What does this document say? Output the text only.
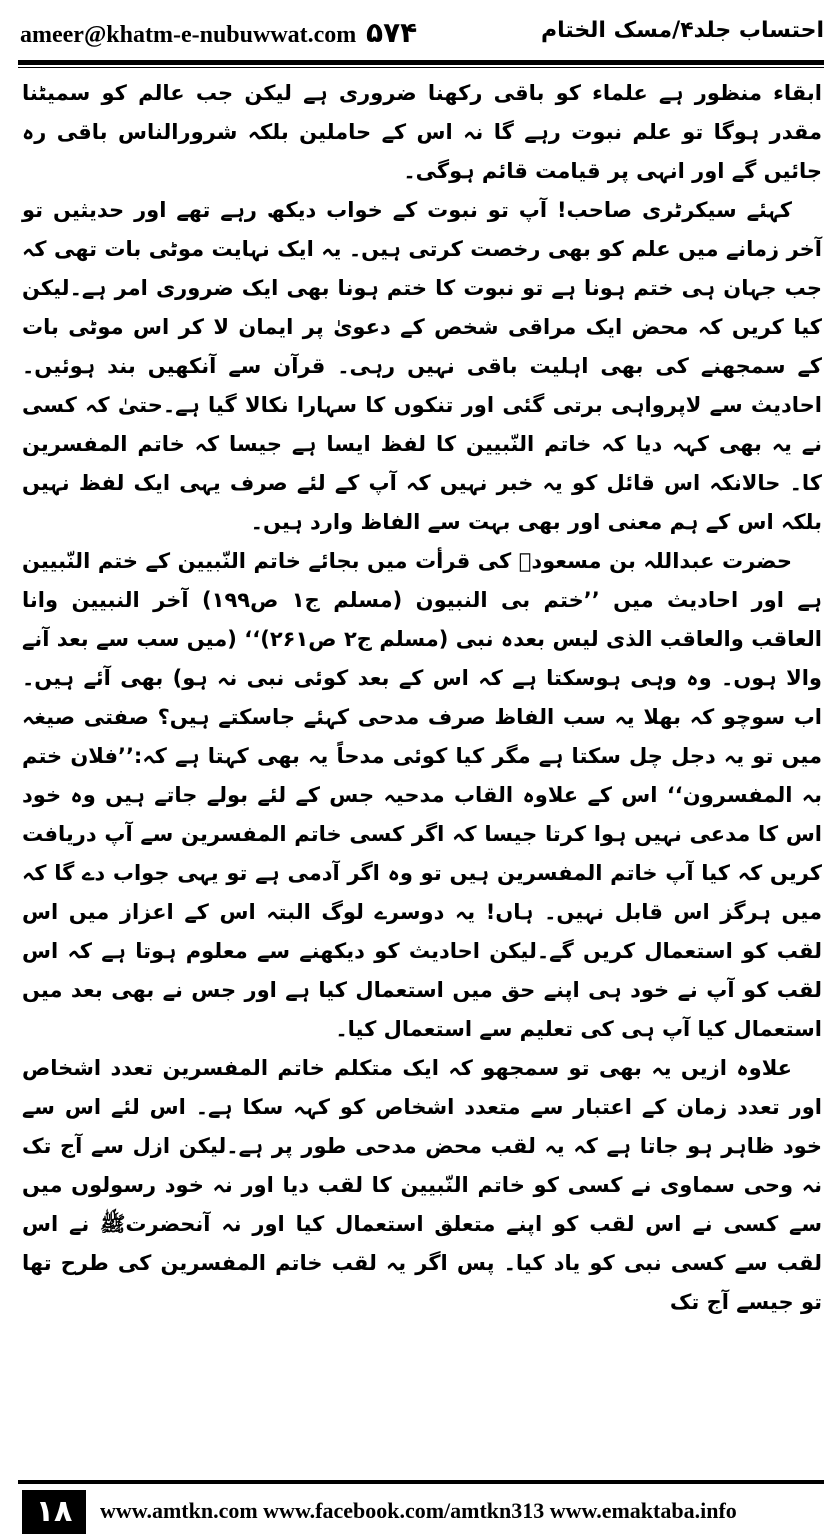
ameer@khatm-e-nubuwwat.com ۵۷۴	احتساب جلد۴/مسک الختام

ابقاء منظور ہے علماء کو باقی رکھنا ضروری ہے لیکن جب عالم کو سمیٹنا مقدر ہوگا تو علم نبوت رہے گا نہ اس کے حاملین بلکہ شرورالناس باقی رہ جائیں گے اور انہی پر قیامت قائم ہوگی۔

کہئے سیکرٹری صاحب! آپ تو نبوت کے خواب دیکھ رہے تھے اور حدیثیں تو آخر زمانے میں علم کو بھی رخصت کرتی ہیں۔ یہ ایک نہایت موٹی بات تھی کہ جب جہان ہی ختم ہونا ہے تو نبوت کا ختم ہونا بھی ایک ضروری امر ہے۔لیکن کیا کریں کہ محض ایک مراقی شخص کے دعویٰ پر ایمان لا کر اس موٹی بات کے سمجھنے کی بھی اہلیت باقی نہیں رہی۔ قرآن سے آنکھیں بند ہوئیں۔ احادیث سے لاپرواہی برتی گئی اور تنکوں کا سہارا نکالا گیا ہے۔حتیٰ کہ کسی نے یہ بھی کہہ دیا کہ خاتم النّبیین کا لفظ ایسا ہے جیسا کہ خاتم المفسرین کا۔ حالانکہ اس قائل کو یہ خبر نہیں کہ آپ کے لئے صرف یہی ایک لفظ نہیں بلکہ اس کے ہم معنی اور بھی بہت سے الفاظ وارد ہیں۔

حضرت عبداللہ بن مسعودؓ کی قرأت میں بجائے خاتم النّبیین کے ختم النّبیین ہے اور احادیث میں ’’ختم بی النبیون (مسلم ج۱ ص۱۹۹) آخر النبیین وانا العاقب والعاقب الذی لیس بعدہ نبی (مسلم ج۲ ص۲۶۱)‘‘ (میں سب سے بعد آنے والا ہوں۔ وہ وہی ہوسکتا ہے کہ اس کے بعد کوئی نبی نہ ہو) بھی آئے ہیں۔ اب سوچو کہ بھلا یہ سب الفاظ صرف مدحی کہئے جاسکتے ہیں؟ صفتی صیغہ میں تو یہ دجل چل سکتا ہے مگر کیا کوئی مدحاً یہ بھی کہتا ہے کہ:’’فلان ختم بہ المفسرون‘‘ اس کے علاوہ القاب مدحیہ جس کے لئے بولے جاتے ہیں وہ خود اس کا مدعی نہیں ہوا کرتا جیسا کہ اگر کسی خاتم المفسرین سے آپ دریافت کریں کہ کیا آپ خاتم المفسرین ہیں تو وہ اگر آدمی ہے تو یہی جواب دے گا کہ میں ہرگز اس قابل نہیں۔ ہاں! یہ دوسرے لوگ البتہ اس کے اعزاز میں اس لقب کو استعمال کریں گے۔لیکن احادیث کو دیکھنے سے معلوم ہوتا ہے کہ اس لقب کو آپ نے خود ہی اپنے حق میں استعمال کیا ہے اور جس نے بھی بعد میں استعمال کیا آپ ہی کی تعلیم سے استعمال کیا۔

علاوہ ازیں یہ بھی تو سمجھو کہ ایک متکلم خاتم المفسرین تعدد اشخاص اور تعدد زمان کے اعتبار سے متعدد اشخاص کو کہہ سکا ہے۔ اس لئے اس سے خود ظاہر ہو جاتا ہے کہ یہ لقب محض مدحی طور پر ہے۔لیکن ازل سے آج تک نہ وحی سماوی نے کسی کو خاتم النّبیین کا لقب دیا اور نہ خود رسولوں میں سے کسی نے اس لقب کو اپنے متعلق استعمال کیا اور نہ آنحضرتﷺ نے اس لقب سے کسی نبی کو یاد کیا۔ پس اگر یہ لقب خاتم المفسرین کی طرح تھا تو جیسے آج تک

۱۸	www.amtkn.com www.facebook.com/amtkn313 www.emaktaba.info
